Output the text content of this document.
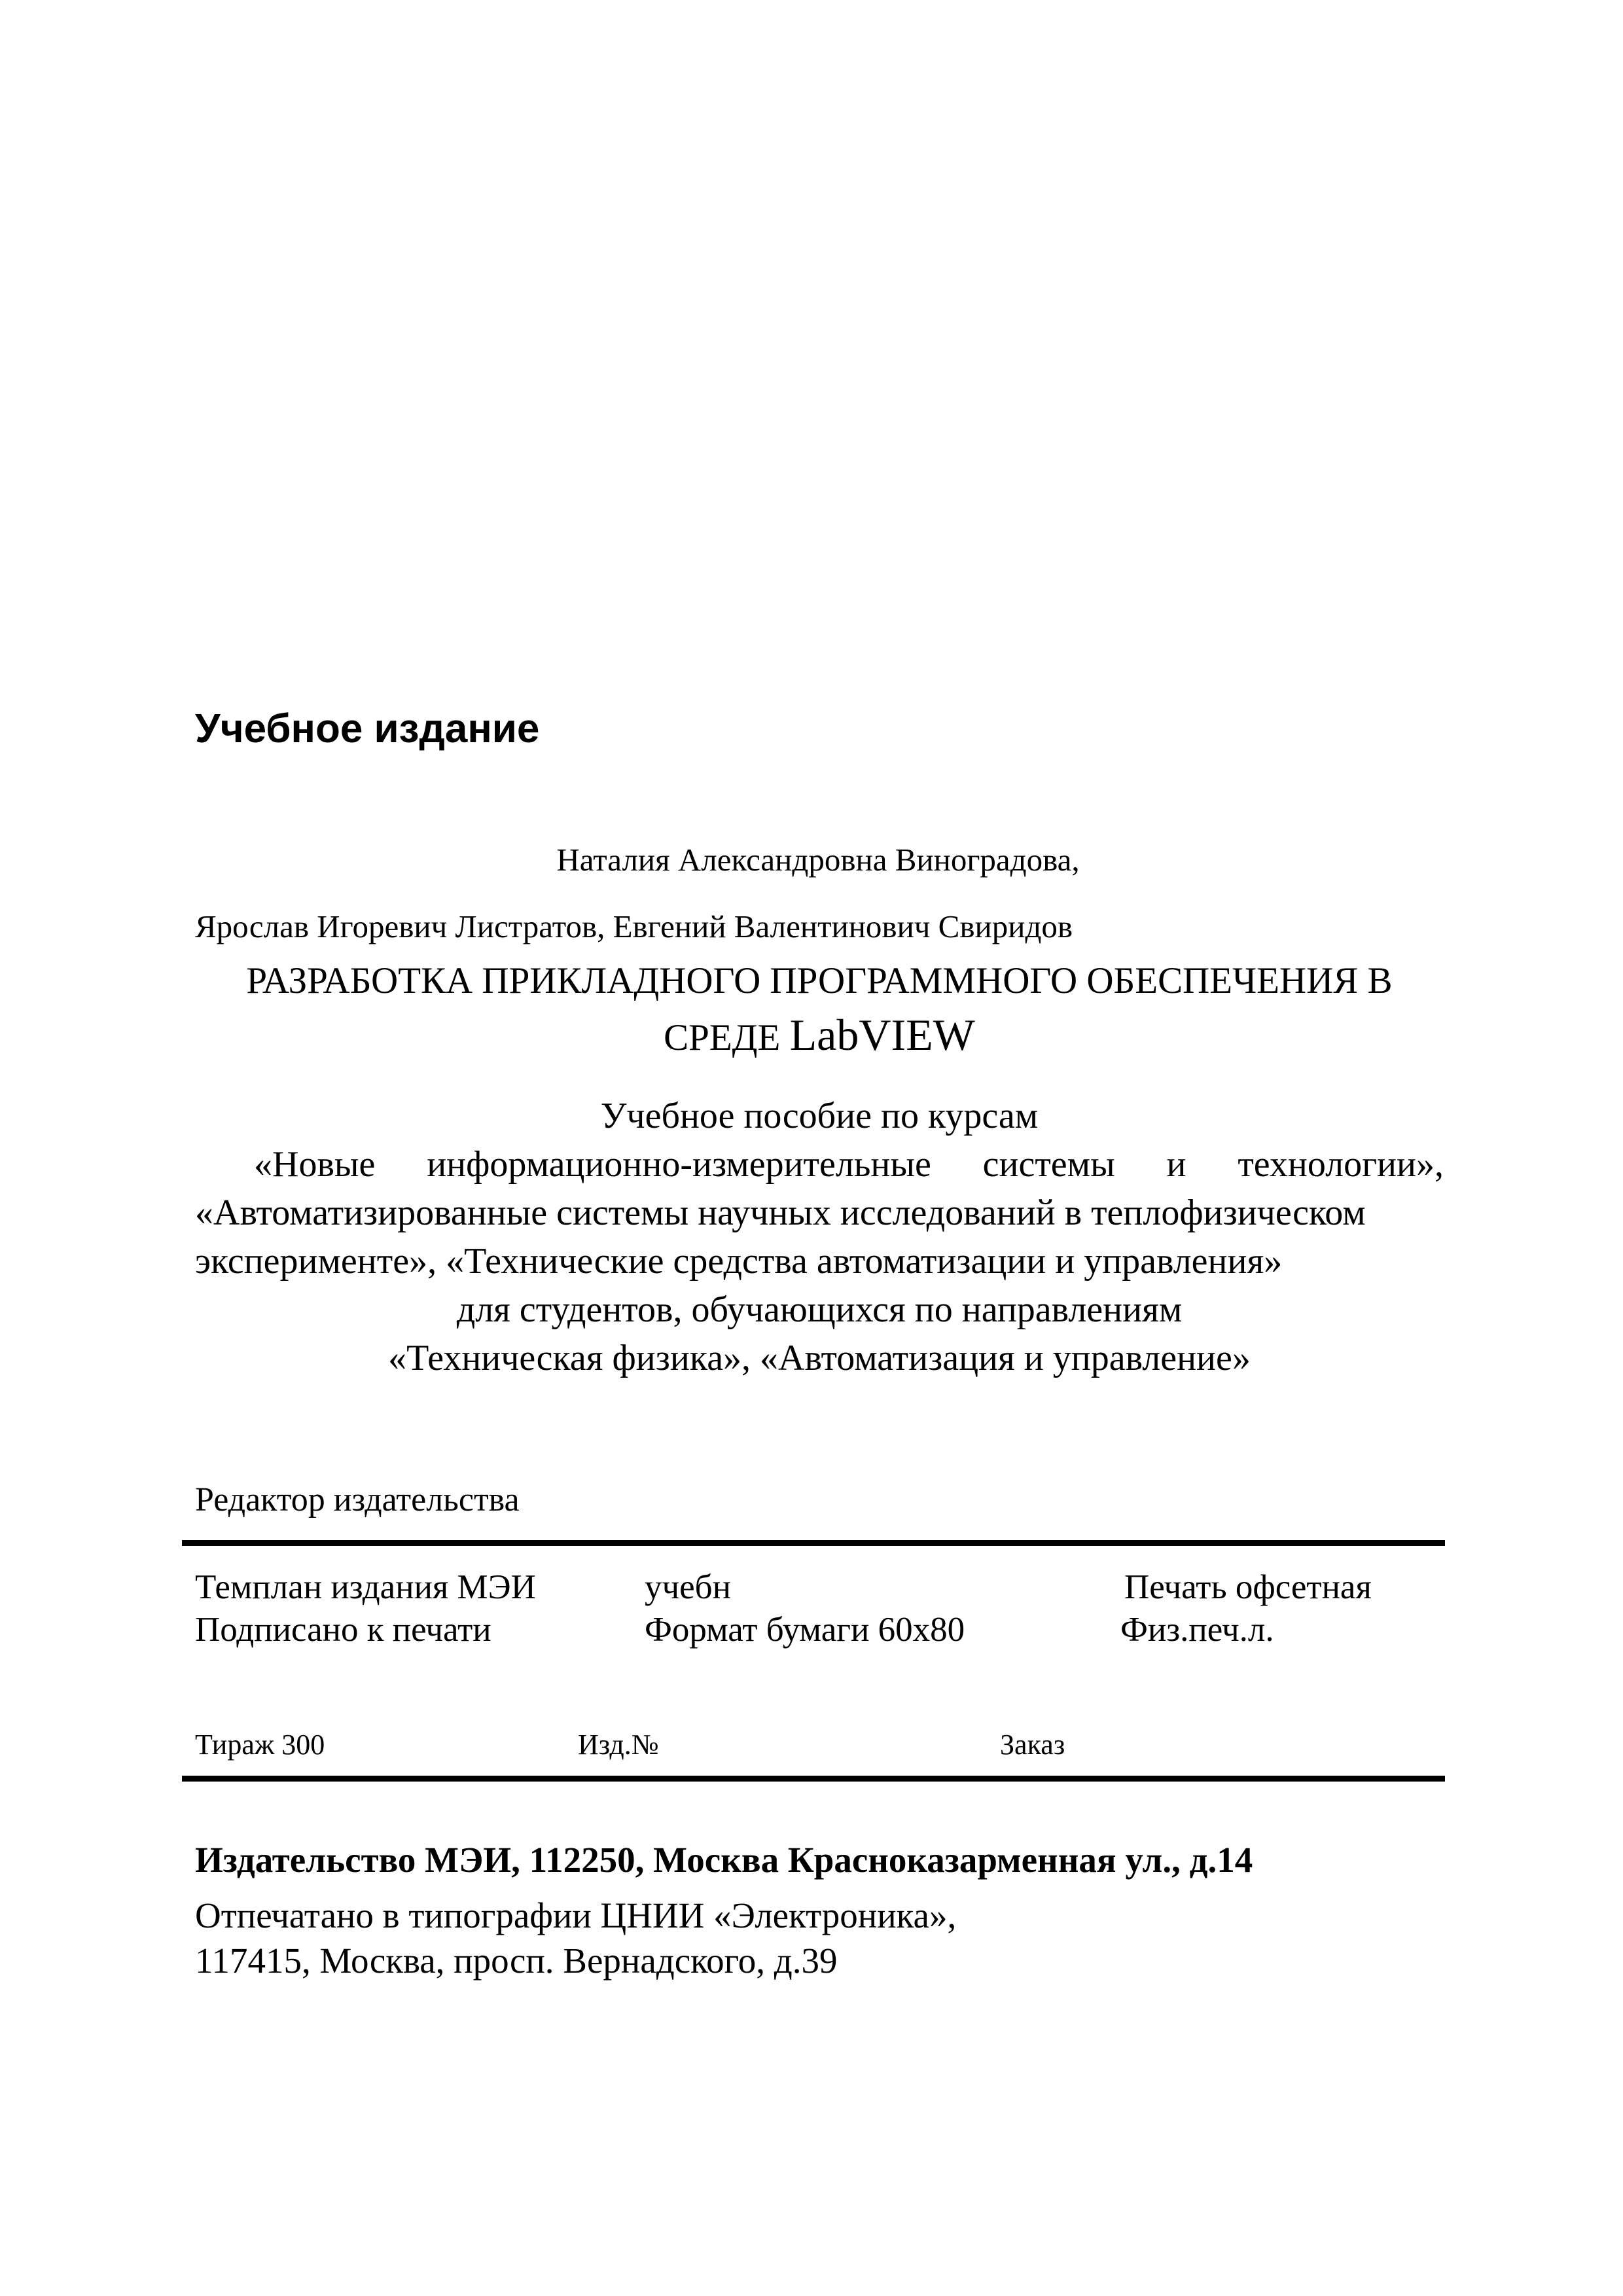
Учебное издание
Наталия Александровна Виноградова,
Ярослав Игоревич Листратов, Евгений Валентинович Свиридов
РАЗРАБОТКА ПРИКЛАДНОГО ПРОГРАММНОГО ОБЕСПЕЧЕНИЯ В
СРЕДЕ LabVIEW
Учебное пособие по курсам
«Новые информационно-измерительные системы и технологии»,
«Автоматизированные системы научных исследований в теплофизическом
эксперименте», «Технические средства автоматизации и управления»
для студентов, обучающихся по направлениям
«Техническая физика», «Автоматизация и управление»
Редактор издательства
Темплан издания МЭИ	учебн	Печать офсетная
Подписано к печати	Формат бумаги 60х80	Физ.печ.л.
Тираж 300	Изд.№	Заказ
Издательство МЭИ, 112250, Москва Красноказарменная ул., д.14
Отпечатано в типографии ЦНИИ «Электроника»,
117415, Москва, просп. Вернадского, д.39
